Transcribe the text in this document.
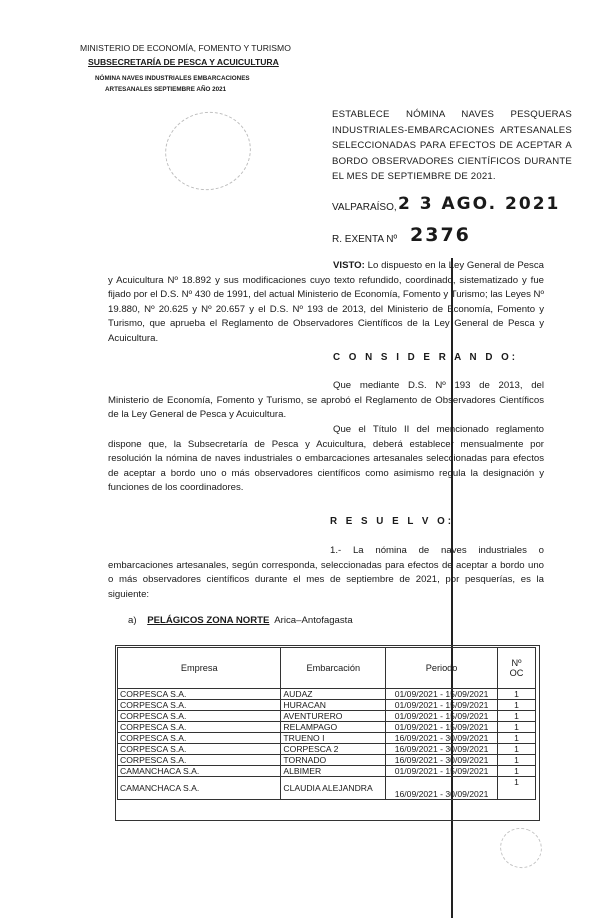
MINISTERIO DE ECONOMÍA, FOMENTO Y TURISMO
SUBSECRETARÍA DE PESCA Y ACUICULTURA
NÓMINA NAVES INDUSTRIALES EMBARCACIONES
ARTESANALES SEPTIEMBRE AÑO 2021
ESTABLECE NÓMINA NAVES PESQUERAS INDUSTRIALES-EMBARCACIONES ARTESANALES SELECCIONADAS PARA EFECTOS DE ACEPTAR A BORDO OBSERVADORES CIENTÍFICOS DURANTE EL MES DE SEPTIEMBRE DE 2021.
VALPARAÍSO, 2 3 AGO. 2021
R. EXENTA Nº 2376
VISTO: Lo dispuesto en la Ley General de Pesca y Acuicultura Nº 18.892 y sus modificaciones cuyo texto refundido, coordinado, sistematizado y fue fijado por el D.S. Nº 430 de 1991, del actual Ministerio de Economía, Fomento y Turismo; las Leyes Nº 19.880, Nº 20.625 y Nº 20.657 y el D.S. Nº 193 de 2013, del Ministerio de Economía, Fomento y Turismo, que aprueba el Reglamento de Observadores Científicos de la Ley General de Pesca y Acuicultura.
C O N S I D E R A N D O:
Que mediante D.S. Nº 193 de 2013, del Ministerio de Economía, Fomento y Turismo, se aprobó el Reglamento de Observadores Científicos de la Ley General de Pesca y Acuicultura.
Que el Título II del mencionado reglamento dispone que, la Subsecretaría de Pesca y Acuicultura, deberá establecer mensualmente por resolución la nómina de naves industriales o embarcaciones artesanales seleccionadas para efectos de aceptar a bordo uno o más observadores científicos como asimismo regula la designación y funciones de los coordinadores.
R E S U E L V O:
1.- La nómina de naves industriales o embarcaciones artesanales, según corresponda, seleccionadas para efectos de aceptar a bordo uno o más observadores científicos durante el mes de septiembre de 2021, por pesquerías, es la siguiente:
a) PELÁGICOS ZONA NORTE Arica–Antofagasta
Empresa	Embarcación	Periodo	Nº OC
CORPESCA S.A.	AUDAZ	01/09/2021 - 15/09/2021	1
CORPESCA S.A.	HURACAN	01/09/2021 - 15/09/2021	1
CORPESCA S.A.	AVENTURERO	01/09/2021 - 15/09/2021	1
CORPESCA S.A.	RELAMPAGO	01/09/2021 - 15/09/2021	1
CORPESCA S.A.	TRUENO I	16/09/2021 - 30/09/2021	1
CORPESCA S.A.	CORPESCA 2	16/09/2021 - 30/09/2021	1
CORPESCA S.A.	TORNADO	16/09/2021 - 30/09/2021	1
CAMANCHACA S.A.	ALBIMER	01/09/2021 - 15/09/2021	1
CAMANCHACA S.A.	CLAUDIA ALEJANDRA	16/09/2021 - 30/09/2021	1
